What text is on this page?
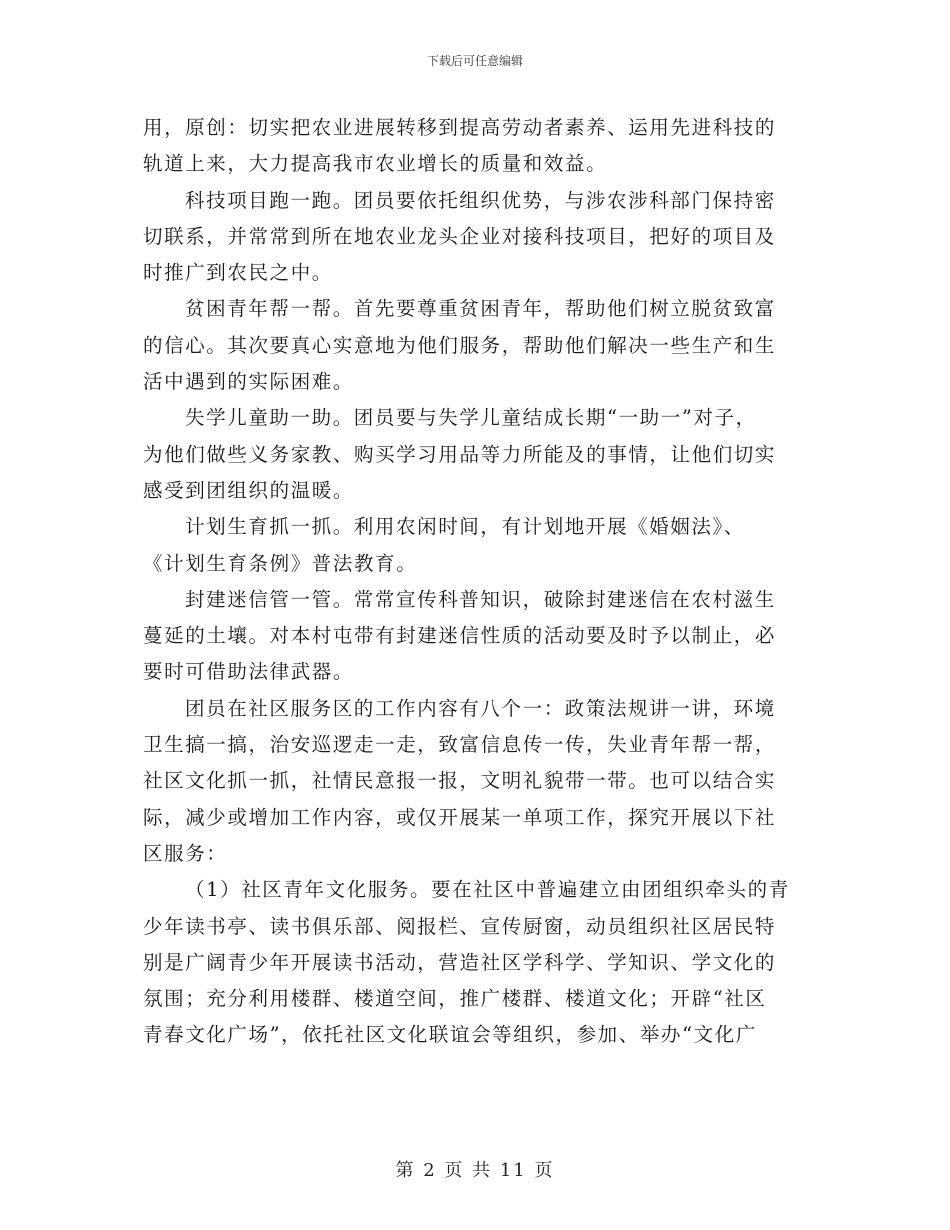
下载后可任意编辑
用，原创：切实把农业进展转移到提高劳动者素养、运用先进科技的
轨道上来，大力提高我市农业增长的质量和效益。
科技项目跑一跑。团员要依托组织优势，与涉农涉科部门保持密
切联系，并常常到所在地农业龙头企业对接科技项目，把好的项目及
时推广到农民之中。
贫困青年帮一帮。首先要尊重贫困青年，帮助他们树立脱贫致富
的信心。其次要真心实意地为他们服务，帮助他们解决一些生产和生
活中遇到的实际困难。
失学儿童助一助。团员要与失学儿童结成长期“一助一”对子，
为他们做些义务家教、购买学习用品等力所能及的事情，让他们切实
感受到团组织的温暖。
计划生育抓一抓。利用农闲时间，有计划地开展《婚姻法》、
《计划生育条例》普法教育。
封建迷信管一管。常常宣传科普知识，破除封建迷信在农村滋生
蔓延的土壤。对本村屯带有封建迷信性质的活动要及时予以制止，必
要时可借助法律武器。
团员在社区服务区的工作内容有八个一：政策法规讲一讲，环境
卫生搞一搞，治安巡逻走一走，致富信息传一传，失业青年帮一帮，
社区文化抓一抓，社情民意报一报，文明礼貌带一带。也可以结合实
际，减少或增加工作内容，或仅开展某一单项工作，探究开展以下社
区服务：
（1）社区青年文化服务。要在社区中普遍建立由团组织牵头的青
少年读书亭、读书俱乐部、阅报栏、宣传厨窗，动员组织社区居民特
别是广阔青少年开展读书活动，营造社区学科学、学知识、学文化的
氛围；充分利用楼群、楼道空间，推广楼群、楼道文化；开辟“社区
青春文化广场”，依托社区文化联谊会等组织，参加、举办“文化广
第 2 页 共 11 页
